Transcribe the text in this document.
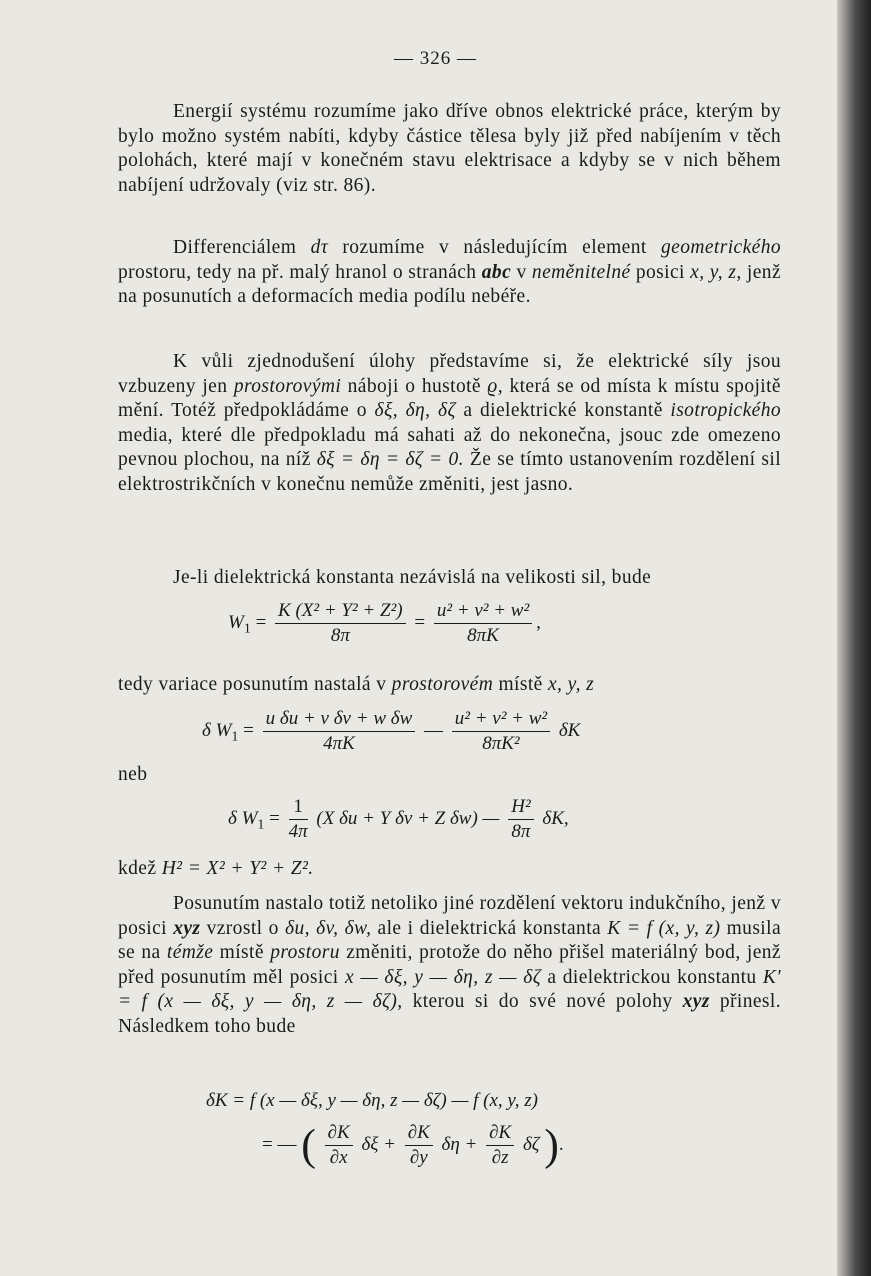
— 326 —
Energií systému rozumíme jako dříve obnos elektrické práce, kterým by bylo možno systém nabíti, kdyby částice tělesa byly již před nabíjením v těch polohách, které mají v konečném stavu elektrisace a kdyby se v nich během nabíjení udržovaly (viz str. 86).
Differenciálem dτ rozumíme v následujícím element geometrického prostoru, tedy na př. malý hranol o stranách abc v neměnitelné posici x, y, z, jenž na posunutích a deformacích media podílu nebéře.
K vůli zjednodušení úlohy představíme si, že elektrické síly jsou vzbuzeny jen prostorovými náboji o hustotě ϱ, která se od místa k místu spojitě mění. Totéž předpokládáme o δξ, δη, δζ a dielektrické konstantě isotropického media, které dle předpokladu má sahati až do nekonečna, jsouc zde omezeno pevnou plochou, na níž δξ = δη = δζ = 0. Že se tímto ustanovením rozdělení sil elektrostrikčních v konečnu nemůže změniti, jest jasno.
Je-li dielektrická konstanta nezávislá na velikosti sil, bude
$W_1 = \frac{\text{K (X² + Y² + Z²)}}{8\pi} = \frac{\text{u² + v² + w²}}{8\pi K}$ ,
tedy variace posunutím nastalá v prostorovém místě x, y, z
δ $W_1 = \frac{\text{u δu + v δv + w δw}}{4\pi K}$ — $\frac{\text{u² + v² + w²}}{\text{8πK²}}$ δK
neb
δ $W_1 = \frac{1}{4\pi} (X$ δu + Y δv + Z δw) — $\frac{\text{H²}}{8\pi} \delta K$,
kdež H² = X² + Y² + Z².
Posunutím nastalo totiž netoliko jiné rozdělení vektoru indukčního, jenž v posici xyz vzrostl o δu, δv, δw, ale i dielektrická konstanta K = f (x, y, z) musila se na témže místě prostoru změniti, protože do něho přišel materiálný bod, jenž před posunutím měl posici x — δξ, y — δη, z — δζ a dielektrickou konstantu K′ = f (x — δξ, y — δη, z — δζ), kterou si do své nové polohy xyz přinesl. Následkem toho bude
δK = f (x — δξ, y — δη, z — δζ) — f (x, y, z)
= — ( $\frac{\partial K}{\partial x}$ $\delta\xi + \frac{\partial K}{\partial y}$ $\delta\eta + \frac{\partial K}{\partial z}$ δζ ).
